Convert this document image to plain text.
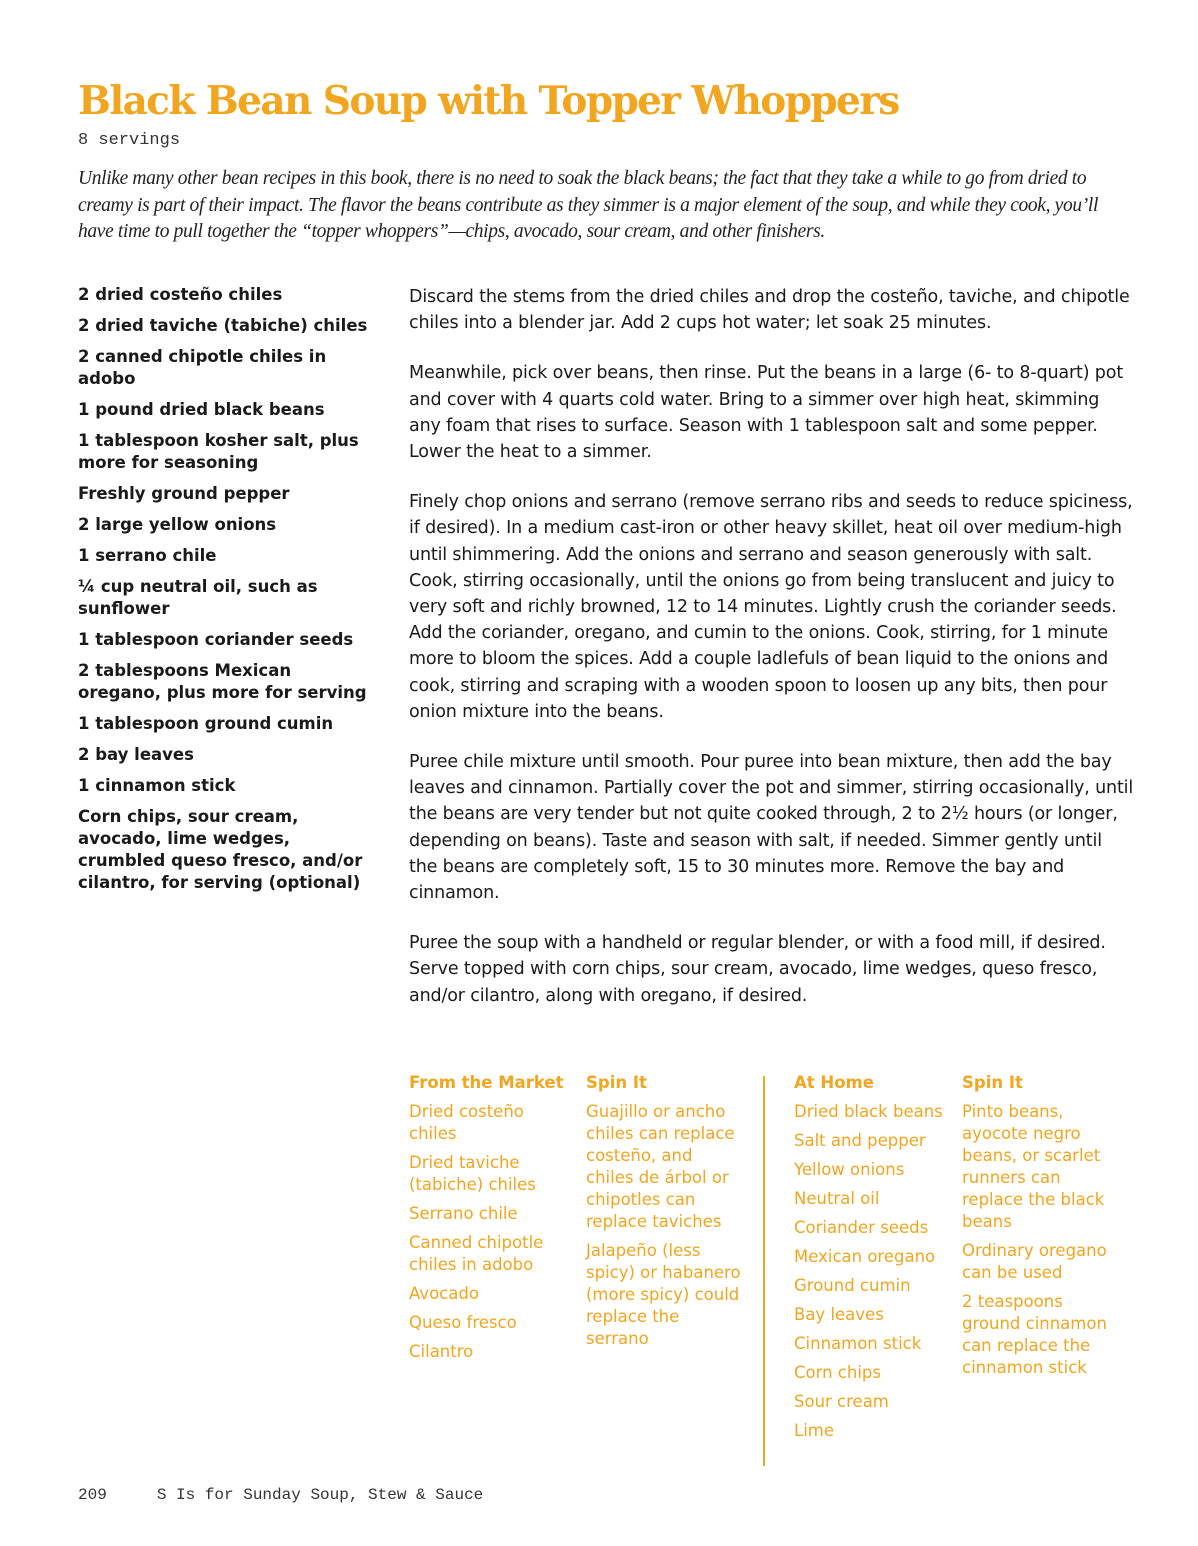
Black Bean Soup with Topper Whoppers
8 servings

Unlike many other bean recipes in this book, there is no need to soak the black beans; the fact that they take a while to go from dried to creamy is part of their impact. The flavor the beans contribute as they simmer is a major element of the soup, and while they cook, you’ll have time to pull together the “topper whoppers”—chips, avocado, sour cream, and other finishers.

2 dried costeño chiles
2 dried taviche (tabiche) chiles
2 canned chipotle chiles in adobo
1 pound dried black beans
1 tablespoon kosher salt, plus more for seasoning
Freshly ground pepper
2 large yellow onions
1 serrano chile
¼ cup neutral oil, such as sunflower
1 tablespoon coriander seeds
2 tablespoons Mexican oregano, plus more for serving
1 tablespoon ground cumin
2 bay leaves
1 cinnamon stick
Corn chips, sour cream, avocado, lime wedges, crumbled queso fresco, and/or cilantro, for serving (optional)

Discard the stems from the dried chiles and drop the costeño, taviche, and chipotle chiles into a blender jar. Add 2 cups hot water; let soak 25 minutes.

Meanwhile, pick over beans, then rinse. Put the beans in a large (6- to 8-quart) pot and cover with 4 quarts cold water. Bring to a simmer over high heat, skimming any foam that rises to surface. Season with 1 tablespoon salt and some pepper. Lower the heat to a simmer.

Finely chop onions and serrano (remove serrano ribs and seeds to reduce spiciness, if desired). In a medium cast-iron or other heavy skillet, heat oil over medium-high until shimmering. Add the onions and serrano and season generously with salt. Cook, stirring occasionally, until the onions go from being translucent and juicy to very soft and richly browned, 12 to 14 minutes. Lightly crush the coriander seeds. Add the coriander, oregano, and cumin to the onions. Cook, stirring, for 1 minute more to bloom the spices. Add a couple ladlefuls of bean liquid to the onions and cook, stirring and scraping with a wooden spoon to loosen up any bits, then pour onion mixture into the beans.

Puree chile mixture until smooth. Pour puree into bean mixture, then add the bay leaves and cinnamon. Partially cover the pot and simmer, stirring occasionally, until the beans are very tender but not quite cooked through, 2 to 2½ hours (or longer, depending on beans). Taste and season with salt, if needed. Simmer gently until the beans are completely soft, 15 to 30 minutes more. Remove the bay and cinnamon.

Puree the soup with a handheld or regular blender, or with a food mill, if desired. Serve topped with corn chips, sour cream, avocado, lime wedges, queso fresco, and/or cilantro, along with oregano, if desired.

From the Market
Dried costeño chiles
Dried taviche (tabiche) chiles
Serrano chile
Canned chipotle chiles in adobo
Avocado
Queso fresco
Cilantro
Spin It
Guajillo or ancho chiles can replace costeño, and chiles de árbol or chipotles can replace taviches
Jalapeño (less spicy) or habanero (more spicy) could replace the serrano
At Home
Dried black beans
Salt and pepper
Yellow onions
Neutral oil
Coriander seeds
Mexican oregano
Ground cumin
Bay leaves
Cinnamon stick
Corn chips
Sour cream
Lime
Spin It
Pinto beans, ayocote negro beans, or scarlet runners can replace the black beans
Ordinary oregano can be used
2 teaspoons ground cinnamon can replace the cinnamon stick
209	S Is for Sunday Soup, Stew & Sauce
